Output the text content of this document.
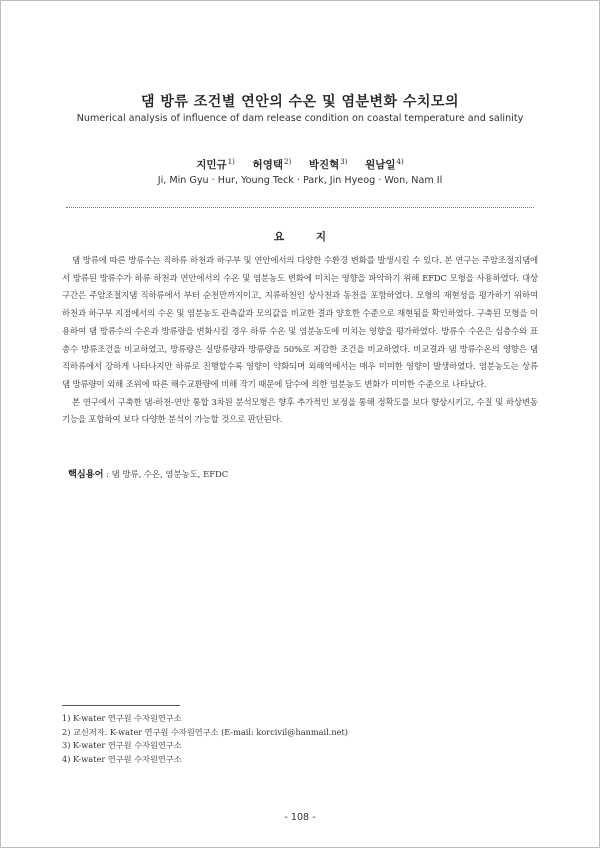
댐 방류 조건별 연안의 수온 및 염분변화 수치모의
Numerical analysis of influence of dam release condition on coastal temperature and salinity
지민규$^{1)}$ 허영택$^{2)}$ 박진혁$^{3)}$ 원남일$^{4)}$
Ji, Min Gyu · Hur, Young Teck · Park, Jin Hyeog · Won, Nam Il
요 지

댐 방류에 따른 방류수는 직하류 하천과 하구부 및 연안에서의 다양한 수환경 변화를 발생시킬 수 있다. 본 연구는 주암조절지댐에서 방류된 방류수가 하류 하천과 연안에서의 수온 및 염분농도 변화에 미치는 영향을 파악하기 위해 EFDC 모형을 사용하였다. 대상구간은 주암조절지댐 직하류에서 부터 순천만까지이고, 지류하천인 상사천과 동천을 포함하였다. 모형의 재현성을 평가하기 위하여 하천과 하구부 지점에서의 수온 및 염분농도 관측값과 모의값을 비교한 결과 양호한 수준으로 재현됨을 확인하였다. 구축된 모형을 이용하여 댐 방류수의 수온과 방류량을 변화시킬 경우 하류 수온 및 염분농도에 미치는 영향을 평가하였다. 방류수 수온은 심층수와 표층수 방류조건을 비교하였고, 방류량은 실방류량과 방류량을 50%로 저감한 조건을 비교하였다. 비교결과 댐 방류수온의 영향은 댐 직하류에서 강하게 나타나지만 하류로 진행할수록 영향이 약화되며 외해역에서는 매우 미미한 영향이 발생하였다. 염분농도는 상류 댐 방류량이 외해 조위에 따른 해수교환량에 비해 작기 때문에 담수에 의한 염분농도 변화가 미미한 수준으로 나타났다.

본 연구에서 구축한 댐-하천-연안 통합 3차원 분석모형은 향후 추가적인 보정을 통해 정확도를 보다 향상시키고, 수질 및 하상변동 기능을 포함하여 보다 다양한 분석이 가능할 것으로 판단된다.

핵심용어 : 댐 방류, 수온, 염분농도, EFDC
1) K-water 연구원 수자원연구소
2) 교신저자. K-water 연구원 수자원연구소 (E-mail: korcivil@hanmail.net)
3) K-water 연구원 수자원연구소
4) K-water 연구원 수자원연구소
- 108 -
